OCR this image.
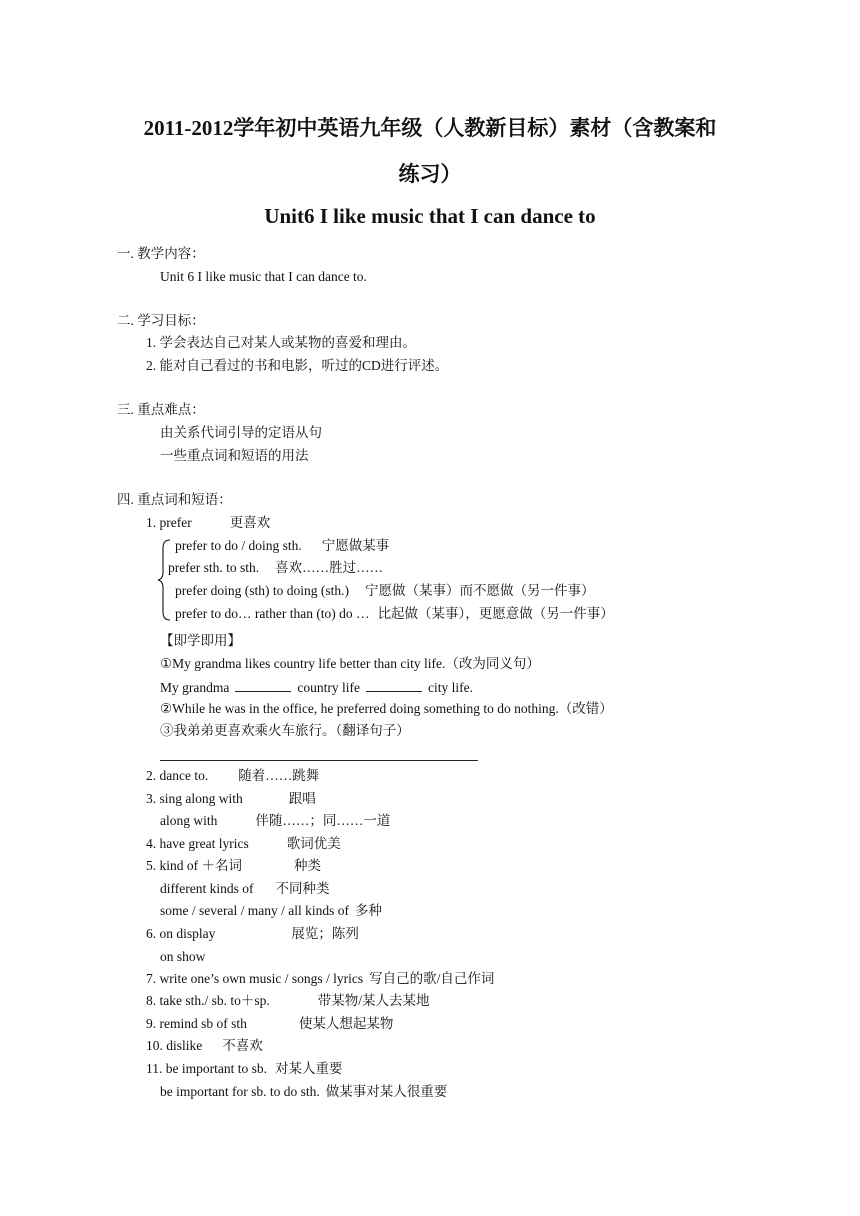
2011-2012学年初中英语九年级（人教新目标）素材（含教案和
练习）
Unit6 I like music that I can dance to
一. 教学内容：
Unit 6 I like music that I can dance to.
二. 学习目标：
1. 学会表达自己对某人或某物的喜爱和理由。
2. 能对自己看过的书和电影，听过的CD进行评述。
三. 重点难点：
由关系代词引导的定语从句
一些重点词和短语的用法
四. 重点词和短语：
1. prefer	更喜欢
prefer to do / doing sth. 宁愿做某事
prefer sth. to sth. 喜欢……胜过……
prefer doing (sth) to doing (sth.) 宁愿做（某事）而不愿做（另一件事）
prefer to do… rather than (to) do … 比起做（某事），更愿意做（另一件事）
【即学即用】
①My grandma likes country life better than city life.（改为同义句）
My grandma	country life	city life.
②While he was in the office, he preferred doing something to do nothing.（改错）
③我弟弟更喜欢乘火车旅行。（翻译句子）
2. dance to. 随着……跳舞
3. sing along with	跟唱
along with	伴随……；同……一道
4. have great lyrics	歌词优美
5. kind of ＋名词	种类
different kinds of 不同种类
some / several / many / all kinds of 多种
6. on display	展览；陈列
on show
7. write one’s own music / songs / lyrics 写自己的歌/自己作词
8. take sth./ sb. to＋sp.	带某物/某人去某地
9. remind sb of sth	使某人想起某物
10. dislike 不喜欢
11. be important to sb. 对某人重要
be important for sb. to do sth. 做某事对某人很重要
